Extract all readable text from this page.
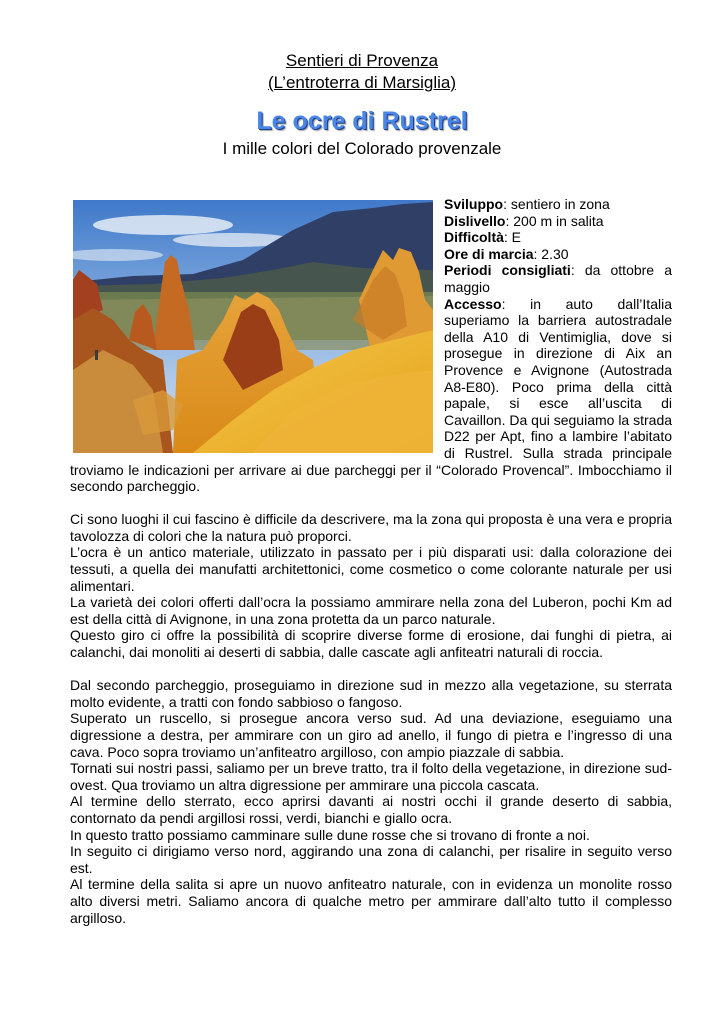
Sentieri di Provenza
(L’entroterra di Marsiglia)
Le ocre di Rustrel
I mille colori del Colorado provenzale

Sviluppo: sentiero in zona

Dislivello: 200 m in salita

Difficoltà: E

Ore di marcia: 2.30

Periodi consigliati: da ottobre a maggio

Accesso: in auto dall’Italia superiamo la barriera autostradale della A10 di Ventimiglia, dove si prosegue in direzione di Aix an Provence e Avignone (Autostrada A8-E80). Poco prima della città papale, si esce all’uscita di Cavaillon. Da qui seguiamo la strada D22 per Apt, fino a lambire l’abitato di Rustrel. Sulla strada principale troviamo le indicazioni per arrivare ai due parcheggi per il “Colorado Provencal”. Imbocchiamo il secondo parcheggio.

Ci sono luoghi il cui fascino è difficile da descrivere, ma la zona qui proposta è una vera e propria tavolozza di colori che la natura può proporci.

L’ocra è un antico materiale, utilizzato in passato per i più disparati usi: dalla colorazione dei tessuti, a quella dei manufatti architettonici, come cosmetico o come colorante naturale per usi alimentari.

La varietà dei colori offerti dall’ocra la possiamo ammirare nella zona del Luberon, pochi Km ad est della città di Avignone, in una zona protetta da un parco naturale.

Questo giro ci offre la possibilità di scoprire diverse forme di erosione, dai funghi di pietra, ai calanchi, dai monoliti ai deserti di sabbia, dalle cascate agli anfiteatri naturali di roccia.

Dal secondo parcheggio, proseguiamo in direzione sud in mezzo alla vegetazione, su sterrata molto evidente, a tratti con fondo sabbioso o fangoso.

Superato un ruscello, si prosegue ancora verso sud. Ad una deviazione, eseguiamo una digressione a destra, per ammirare con un giro ad anello, il fungo di pietra e l’ingresso di una cava. Poco sopra troviamo un’anfiteatro argilloso, con ampio piazzale di sabbia.

Tornati sui nostri passi, saliamo per un breve tratto, tra il folto della vegetazione, in direzione sud-ovest. Qua troviamo un altra digressione per ammirare una piccola cascata.

Al termine dello sterrato, ecco aprirsi davanti ai nostri occhi il grande deserto di sabbia, contornato da pendi argillosi rossi, verdi, bianchi e giallo ocra.

In questo tratto possiamo camminare sulle dune rosse che si trovano di fronte a noi.

In seguito ci dirigiamo verso nord, aggirando una zona di calanchi, per risalire in seguito verso est.

Al termine della salita si apre un nuovo anfiteatro naturale, con in evidenza un monolite rosso alto diversi metri. Saliamo ancora di qualche metro per ammirare dall’alto tutto il complesso argilloso.
